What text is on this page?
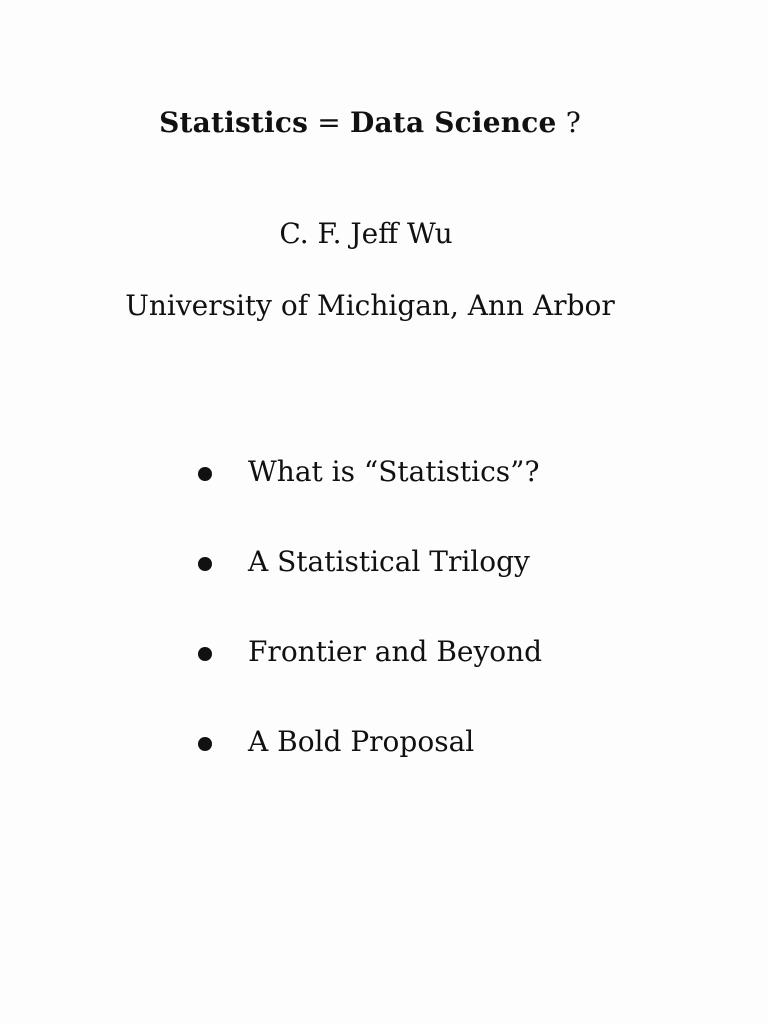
Statistics = Data Science ?
C. F. Jeff Wu
University of Michigan, Ann Arbor
What is “Statistics”?
A Statistical Trilogy
Frontier and Beyond
A Bold Proposal
